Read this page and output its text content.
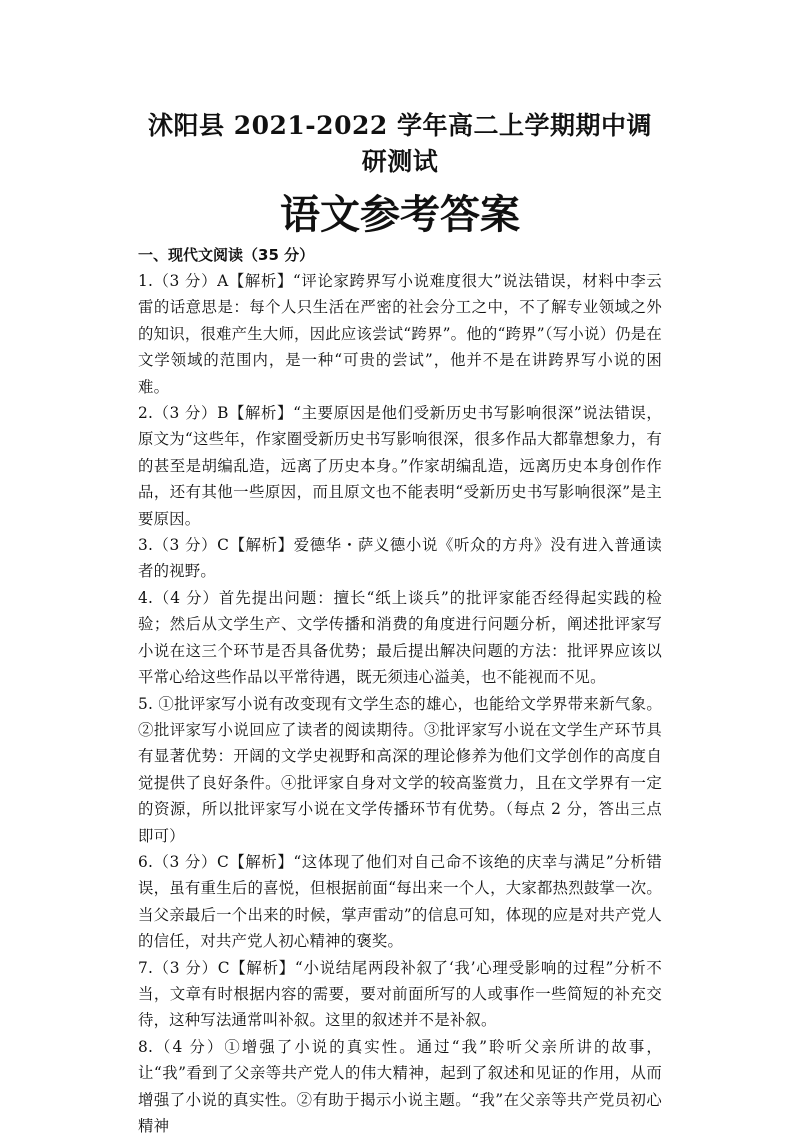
沭阳县 2021-2022 学年高二上学期期中调研测试
语文参考答案

一、现代文阅读（35 分）

1.（3 分）A【解析】“评论家跨界写小说难度很大”说法错误，材料中李云雷的话意思是：每个人只生活在严密的社会分工之中，不了解专业领域之外的知识，很难产生大师，因此应该尝试“跨界”。他的“跨界”（写小说）仍是在文学领域的范围内，是一种“可贵的尝试”，他并不是在讲跨界写小说的困难。

2.（3 分）B【解析】“主要原因是他们受新历史书写影响很深”说法错误，原文为“这些年，作家圈受新历史书写影响很深，很多作品大都靠想象力，有的甚至是胡编乱造，远离了历史本身。”作家胡编乱造，远离历史本身创作作品，还有其他一些原因，而且原文也不能表明“受新历史书写影响很深”是主要原因。

3.（3 分）C【解析】爱德华・萨义德小说《听众的方舟》没有进入普通读者的视野。

4.（4 分）首先提出问题：擅长“纸上谈兵”的批评家能否经得起实践的检验；然后从文学生产、文学传播和消费的角度进行问题分析，阐述批评家写小说在这三个环节是否具备优势；最后提出解决问题的方法：批评界应该以平常心给这些作品以平常待遇，既无须违心溢美，也不能视而不见。

5. ①批评家写小说有改变现有文学生态的雄心，也能给文学界带来新气象。②批评家写小说回应了读者的阅读期待。③批评家写小说在文学生产环节具有显著优势：开阔的文学史视野和高深的理论修养为他们文学创作的高度自觉提供了良好条件。④批评家自身对文学的较高鉴赏力，且在文学界有一定的资源，所以批评家写小说在文学传播环节有优势。（每点 2 分，答出三点即可）

6.（3 分）C【解析】“这体现了他们对自己命不该绝的庆幸与满足”分析错误，虽有重生后的喜悦，但根据前面“每出来一个人，大家都热烈鼓掌一次。当父亲最后一个出来的时候，掌声雷动”的信息可知，体现的应是对共产党人的信任，对共产党人初心精神的褒奖。

7.（3 分）C【解析】“小说结尾两段补叙了‘我’心理受影响的过程”分析不当，文章有时根据内容的需要，要对前面所写的人或事作一些简短的补充交待，这种写法通常叫补叙。这里的叙述并不是补叙。

8.（4 分）①增强了小说的真实性。通过“我”聆听父亲所讲的故事，让“我”看到了父亲等共产党人的伟大精神，起到了叙述和见证的作用，从而增强了小说的真实性。②有助于揭示小说主题。“我”在父亲等共产党员初心精神
